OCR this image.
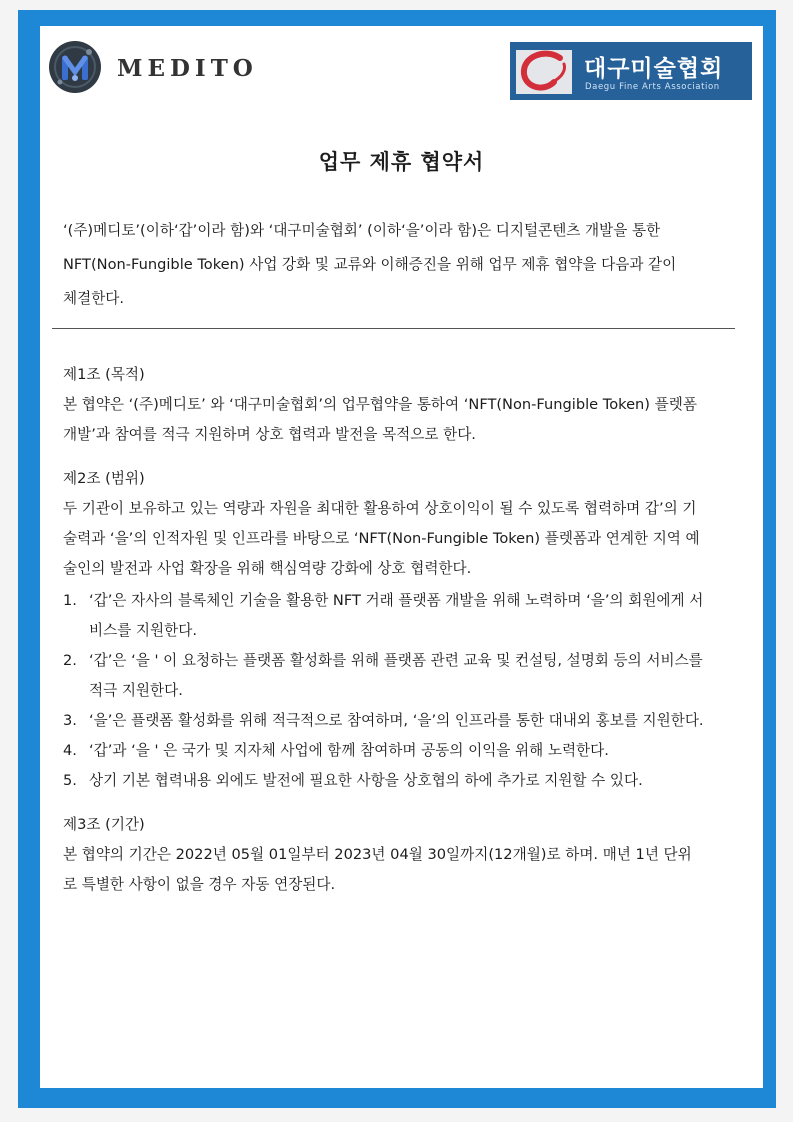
MEDITO	대구미술협회
Daegu Fine Arts Association
업무 제휴 협약서
‘(주)메디토’(이하‘갑’이라 함)와 ‘대구미술협회’ (이하‘을’이라 함)은 디지털콘텐츠 개발을 통한
NFT(Non-Fungible Token) 사업 강화 및 교류와 이해증진을 위해 업무 제휴 협약을 다음과 같이
체결한다.

제1조 (목적)

본 협약은 ‘(주)메디토’ 와 ‘대구미술협회’의 업무협약을 통하여 ‘NFT(Non-Fungible Token) 플렛폼
개발’과 참여를 적극 지원하며 상호 협력과 발전을 목적으로 한다.

제2조 (범위)

두 기관이 보유하고 있는 역량과 자원을 최대한 활용하여 상호이익이 될 수 있도록 협력하며 갑’의 기
술력과 ‘을’의 인적자원 및 인프라를 바탕으로 ‘NFT(Non-Fungible Token) 플렛폼과 연계한 지역 예
술인의 발전과 사업 확장을 위해 핵심역량 강화에 상호 협력한다.

1. ‘갑’은 자사의 블록체인 기술을 활용한 NFT 거래 플랫폼 개발을 위해 노력하며 ‘을’의 회원에게 서
비스를 지원한다.
2. ‘갑’은 ‘을 ' 이 요청하는 플랫폼 활성화를 위해 플랫폼 관련 교육 및 컨설팅, 설명회 등의 서비스를
적극 지원한다.
3. ‘을’은 플랫폼 활성화를 위해 적극적으로 참여하며, ‘을’의 인프라를 통한 대내외 홍보를 지원한다.
4. ‘갑’과 ‘을 ' 은 국가 및 지자체 사업에 함께 참여하며 공동의 이익을 위해 노력한다.
5. 상기 기본 협력내용 외에도 발전에 필요한 사항을 상호협의 하에 추가로 지원할 수 있다.

제3조 (기간)

본 협약의 기간은 2022년 05월 01일부터 2023년 04월 30일까지(12개월)로 하며. 매년 1년 단위
로 특별한 사항이 없을 경우 자동 연장된다.
